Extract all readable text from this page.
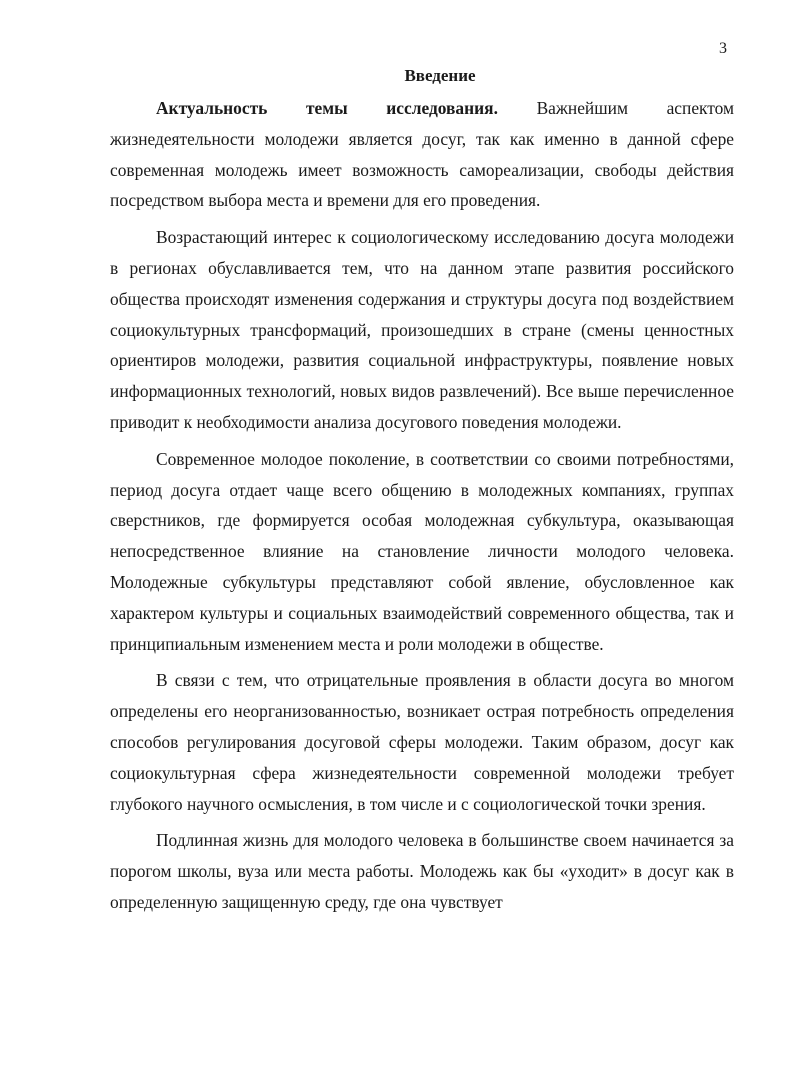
3
Введение

Актуальность темы исследования. Важнейшим аспектом жизнедеятельности молодежи является досуг, так как именно в данной сфере современная молодежь имеет возможность самореализации, свободы действия посредством выбора места и времени для его проведения.

Возрастающий интерес к социологическому исследованию досуга молодежи в регионах обуславливается тем, что на данном этапе развития российского общества происходят изменения содержания и структуры досуга под воздействием социокультурных трансформаций, произошедших в стране (смены ценностных ориентиров молодежи, развития социальной инфраструктуры, появление новых информационных технологий, новых видов развлечений). Все выше перечисленное приводит к необходимости анализа досугового поведения молодежи.

Современное молодое поколение, в соответствии со своими потребностями, период досуга отдает чаще всего общению в молодежных компаниях, группах сверстников, где формируется особая молодежная субкультура, оказывающая непосредственное влияние на становление личности молодого человека. Молодежные субкультуры представляют собой явление, обусловленное как характером культуры и социальных взаимодействий современного общества, так и принципиальным изменением места и роли молодежи в обществе.

В связи с тем, что отрицательные проявления в области досуга во многом определены его неорганизованностью, возникает острая потребность определения способов регулирования досуговой сферы молодежи. Таким образом, досуг как социокультурная сфера жизнедеятельности современной молодежи требует глубокого научного осмысления, в том числе и с социологической точки зрения.

Подлинная жизнь для молодого человека в большинстве своем начинается за порогом школы, вуза или места работы. Молодежь как бы «уходит» в досуг как в определенную защищенную среду, где она чувствует
